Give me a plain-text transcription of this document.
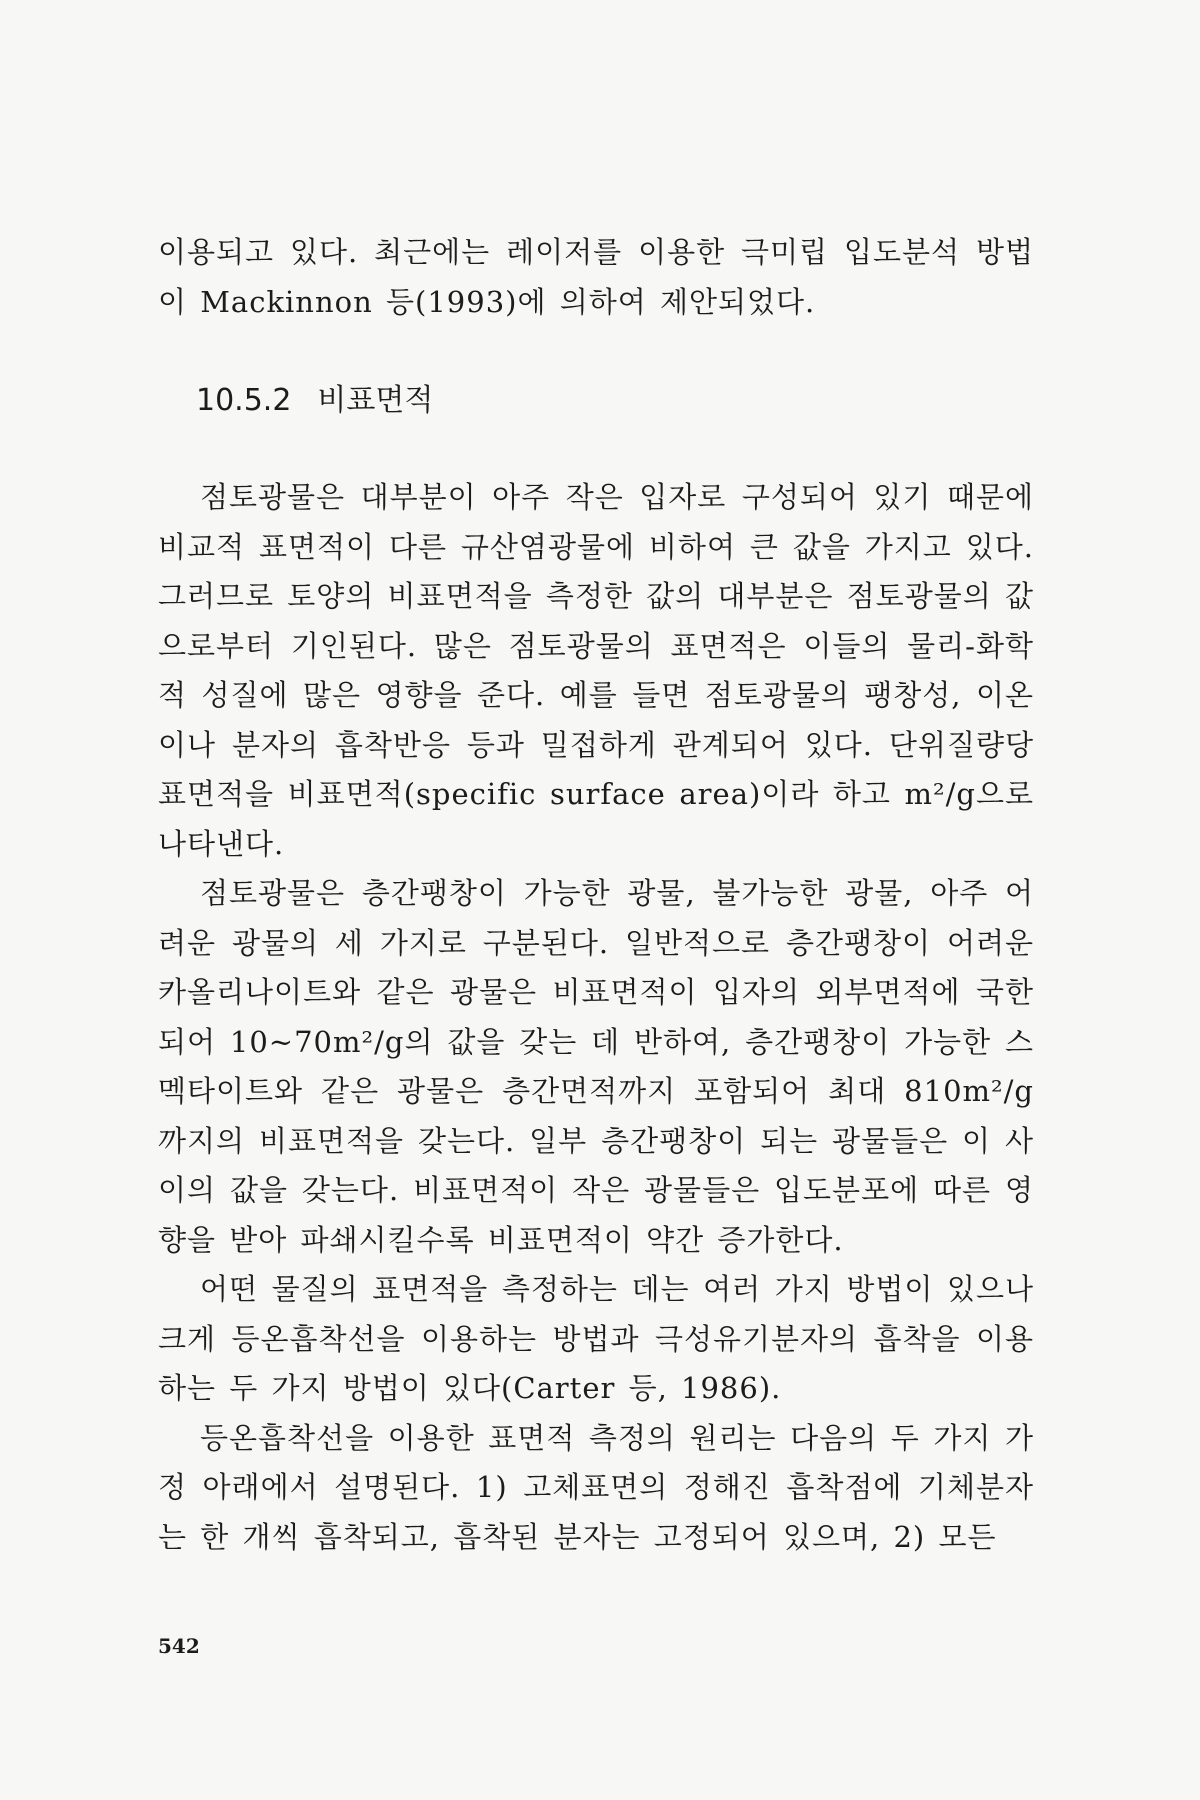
이용되고 있다. 최근에는 레이저를 이용한 극미립 입도분석 방법이 Mackinnon 등(1993)에 의하여 제안되었다.

10.5.2 비표면적

점토광물은 대부분이 아주 작은 입자로 구성되어 있기 때문에 비교적 표면적이 다른 규산염광물에 비하여 큰 값을 가지고 있다. 그러므로 토양의 비표면적을 측정한 값의 대부분은 점토광물의 값으로부터 기인된다. 많은 점토광물의 표면적은 이들의 물리-화학적 성질에 많은 영향을 준다. 예를 들면 점토광물의 팽창성, 이온이나 분자의 흡착반응 등과 밀접하게 관계되어 있다. 단위질량당 표면적을 비표면적(specific surface area)이라 하고 m²/g으로 나타낸다.

점토광물은 층간팽창이 가능한 광물, 불가능한 광물, 아주 어려운 광물의 세 가지로 구분된다. 일반적으로 층간팽창이 어려운 카올리나이트와 같은 광물은 비표면적이 입자의 외부면적에 국한되어 10~70m²/g의 값을 갖는 데 반하여, 층간팽창이 가능한 스멕타이트와 같은 광물은 층간면적까지 포함되어 최대 810m²/g까지의 비표면적을 갖는다. 일부 층간팽창이 되는 광물들은 이 사이의 값을 갖는다. 비표면적이 작은 광물들은 입도분포에 따른 영향을 받아 파쇄시킬수록 비표면적이 약간 증가한다.

어떤 물질의 표면적을 측정하는 데는 여러 가지 방법이 있으나 크게 등온흡착선을 이용하는 방법과 극성유기분자의 흡착을 이용하는 두 가지 방법이 있다(Carter 등, 1986).

등온흡착선을 이용한 표면적 측정의 원리는 다음의 두 가지 가정 아래에서 설명된다. 1) 고체표면의 정해진 흡착점에 기체분자는 한 개씩 흡착되고, 흡착된 분자는 고정되어 있으며, 2) 모든

542
